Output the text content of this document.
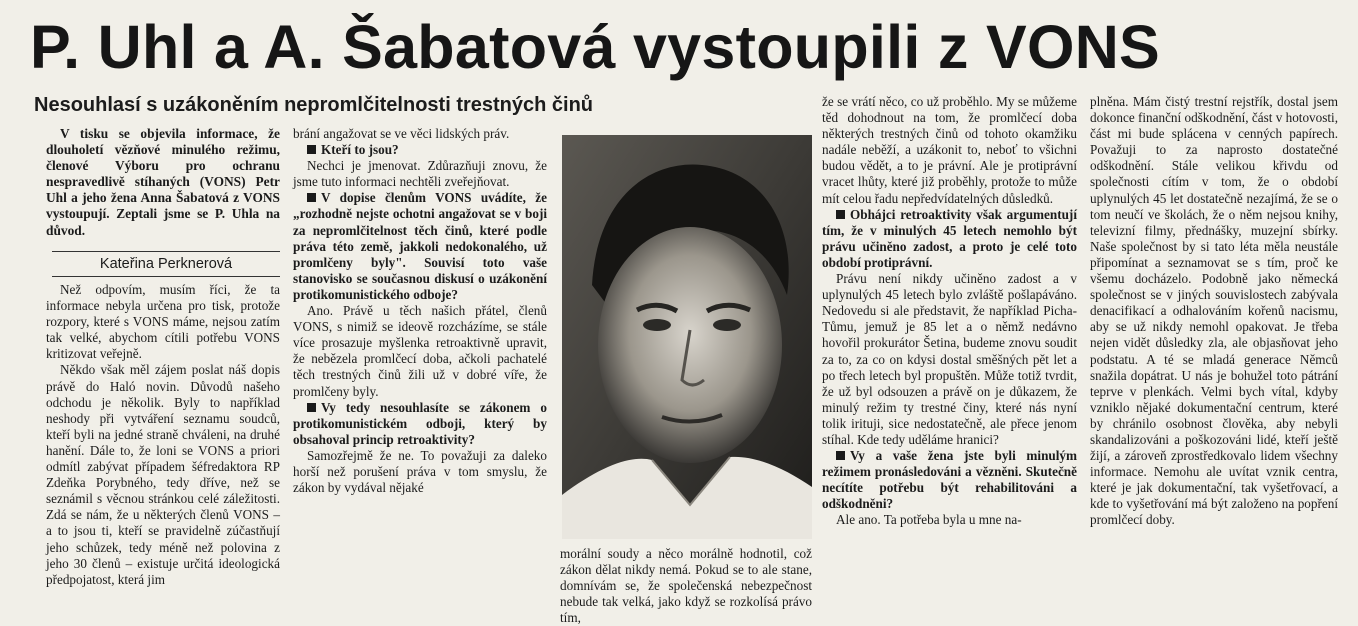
P. Uhl a A. Šabatová vystoupili z VONS
Nesouhlasí s uzákoněním nepromlčitelnosti trestných činů

V tisku se objevila informace, že dlouholetí vězňové minulého režimu, členové Výboru pro ochranu nespravedlivě stíhaných (VONS) Petr Uhl a jeho žena Anna Šabatová z VONS vystoupují. Zeptali jsme se P. Uhla na důvod.

Kateřina Perknerová

Než odpovím, musím říci, že ta informace nebyla určena pro tisk, protože rozpory, které s VONS máme, nejsou zatím tak velké, abychom cítili potřebu VONS kritizovat veřejně.

Někdo však měl zájem poslat náš dopis právě do Haló novin. Důvodů našeho odchodu je několik. Byly to například neshody při vytváření seznamu soudců, kteří byli na jedné straně chváleni, na druhé hanění. Dále to, že loni se VONS a priori odmítl zabývat případem šéfredaktora RP Zdeňka Porybného, tedy dříve, než se seznámil s věcnou stránkou celé záležitosti. Zdá se nám, že u některých členů VONS – a to jsou ti, kteří se pravidelně zúčastňují jeho schůzek, tedy méně než polovina z jeho 30 členů – existuje určitá ideologická předpojatost, která jim

brání angažovat se ve věci lidských práv.

Kteří to jsou?

Nechci je jmenovat. Zdůrazňuji znovu, že jsme tuto informaci nechtěli zveřejňovat.

V dopise členům VONS uvádíte, že „rozhodně nejste ochotni angažovat se v boji za nepromlčitelnost těch činů, které podle práva této země, jakkoli nedokonalého, už promlčeny byly". Souvisí toto vaše stanovisko se současnou diskusí o uzákonění protikomunistického odboje?

Ano. Právě u těch našich přátel, členů VONS, s nimiž se ideově rozcházíme, se stále více prosazuje myšlenka retroaktivně upravit, že nebězela promlčecí doba, ačkoli pachatelé těch trestných činů žili už v dobré víře, že promlčeny byly.

Vy tedy nesouhlasíte se zákonem o protikomunistickém odboji, který by obsahoval princip retroaktivity?

Samozřejmě že ne. To považuji za daleko horší než porušení práva v tom smyslu, že zákon by vydával nějaké

morální soudy a něco morálně hodnotil, což zákon dělat nikdy nemá. Pokud se to ale stane, domnívám se, že společenská nebezpečnost nebude tak velká, jako když se rozkolísá právo tím,

že se vrátí něco, co už proběhlo. My se můžeme těd dohodnout na tom, že promlčecí doba některých trestných činů od tohoto okamžiku nadále neběží, a uzákonit to, neboť to všichni budou vědět, a to je právní. Ale je protiprávní vracet lhůty, které již proběhly, protože to může mít celou řadu nepředvídatelných důsledků.

Obhájci retroaktivity však argumentují tím, že v minulých 45 letech nemohlo být právu učiněno zadost, a proto je celé toto období protiprávní.

Právu není nikdy učiněno zadost a v uplynulých 45 letech bylo zvláště pošlapáváno. Nedovedu si ale představit, že například Picha-Tůmu, jemuž je 85 let a o němž nedávno hovořil prokurátor Šetina, budeme znovu soudit za to, za co on kdysi dostal směšných pět let a po třech letech byl propuštěn. Může totiž tvrdit, že už byl odsouzen a právě on je důkazem, že minulý režim ty trestné činy, které nás nyní tolik irituji, sice nedostatečně, ale přece jenom stíhal. Kde tedy uděláme hranici?

Vy a vaše žena jste byli minulým režimem pronásledováni a vězněni. Skutečně necítíte potřebu být rehabilitováni a odškodněni?

Ale ano. Ta potřeba byla u mne na-

plněna. Mám čistý trestní rejstřík, dostal jsem dokonce finanční odškodnění, část v hotovosti, část mi bude splácena v cenných papírech. Považuji to za naprosto dostatečné odškodnění. Stále velikou křivdu od společnosti cítím v tom, že o období uplynulých 45 let dostatečně nezajímá, že se o tom neučí ve školách, že o něm nejsou knihy, televizní filmy, přednášky, muzejní sbírky. Naše společnost by si tato léta měla neustále připomínat a seznamovat se s tím, proč ke všemu docházelo. Podobně jako německá společnost se v jiných souvislostech zabývala denacifikací a odhalováním kořenů nacismu, aby se už nikdy nemohl opakovat. Je třeba nejen vidět důsledky zla, ale objasňovat jeho podstatu. A té se mladá generace Němců snažila dopátrat. U nás je bohužel toto pátrání teprve v plenkách. Velmi bych vítal, kdyby vzniklo nějaké dokumentační centrum, které by chránilo osobnost člověka, aby nebyli skandalizováni a poškozováni lidé, kteří ještě žijí, a zároveň zprostředkovalo lidem všechny informace. Nemohu ale uvítat vznik centra, které je jak dokumentační, tak vyšetřovací, a kde to vyšetřování má být založeno na popření promlčecí doby.
